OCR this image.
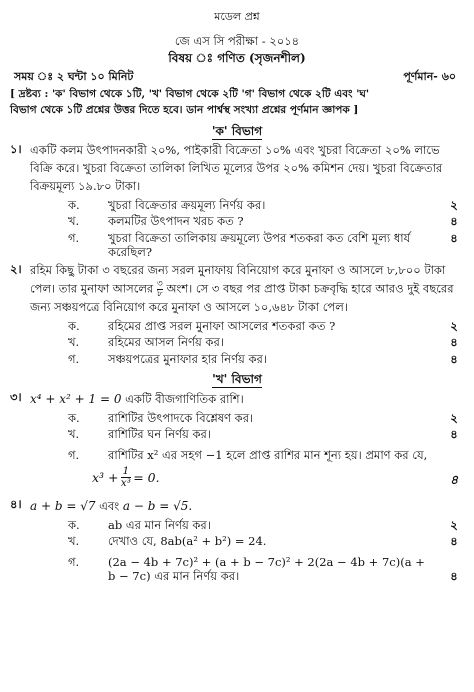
মডেল প্রশ্ন
জে এস সি পরীক্ষা - ২০১৪
বিষয় ঃ গণিত (সৃজনশীল)
সময় ঃ ২ ঘন্টা ১০ মিনিট	পূর্ণমান- ৬০
[ দ্রষ্টব্য : 'ক' বিভাগ থেকে ১টি, 'খ' বিভাগ থেকে ২টি 'গ' বিভাগ থেকে ২টি এবং 'ঘ'
বিভাগ থেকে ১টি প্রশ্নের উত্তর দিতে হবে। ডান পার্শ্বস্থ সংখ্যা প্রশ্নের পূর্ণমান জ্ঞাপক ]
'ক' বিভাগ
১। একটি কলম উৎপাদনকারী ২০%, পাইকারী বিক্রেতা ১০% এবং খুচরা বিক্রেতা ২০% লাভে বিক্রি করে। খুচরা বিক্রেতা তালিকা লিখিত মূল্যের উপর ২০% কমিশন দেয়। খুচরা বিক্রেতার বিক্রয়মূল্য ১৯.৮০ টাকা।
ক.	খুচরা বিক্রেতার ক্রয়মূল্য নির্ণয় কর।	২
খ.	কলমটির উৎপাদন খরচ কত ?	৪
গ.	খুচরা বিক্রেতা তালিকায় ক্রয়মূল্যে উপর শতকরা কত বেশি মূল্য ধার্য করেছিল?
৪
২। রহিম কিছু টাকা ৩ বছরের জন্য সরল মুনাফায় বিনিয়োগ করে মুনাফা ও আসলে ৮,৮০০ টাকা পেল। তার মুনাফা আসলের $\frac{৩}{৮}$ অংশ। সে ৩ বছর পর প্রাপ্ত টাকা চক্রবৃদ্ধি হারে আরও দুই বছরের জন্য সঞ্চয়পত্রে বিনিয়োগ করে মুনাফা ও আসলে ১০,৬৪৮ টাকা পেল।
ক.	রহিমের প্রাপ্ত সরল মুনাফা আসলের শতকরা কত ?	২
খ.	রহিমের আসল নির্ণয় কর।	৪
গ.	সঞ্চয়পত্রের মুনাফার হার নির্ণয় কর।	৪
'খ' বিভাগ
৩। x⁴ + x² + 1 = 0 একটি বীজগাণিতিক রাশি।
ক.	রাশিটির উৎপাদকে বিশ্লেষণ কর।	২
খ.	রাশিটির ঘন নির্ণয় কর।	৪
গ.	রাশিটির x² এর সহগ −1 হলে প্রাপ্ত রাশির মান শূন্য হয়। প্রমাণ কর যে,
$x^3 + \frac{1}{\text{x³}} = 0$.	৪
৪। a + b = √7 এবং a − b = √5.
ক.	ab এর মান নির্ণয় কর।	২
খ.	দেখাও যে, 8ab(a² + b²) = 24.	৪
গ.	(2a − 4b + 7c)² + (a + b − 7c)² + 2(2a − 4b + 7c)(a + b − 7c) এর মান নির্ণয় কর।	৪
